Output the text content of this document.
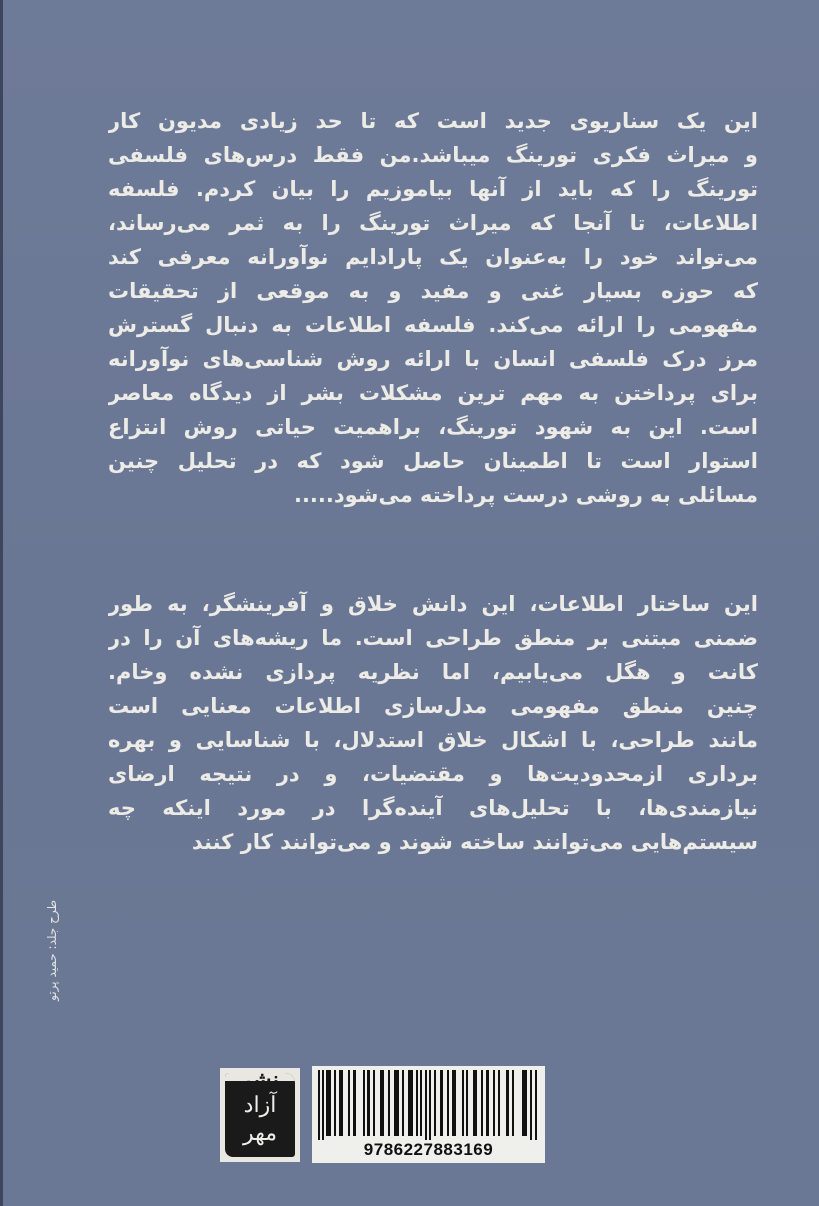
این یک سناریوی جدید است که تا حد زیادی مدیون کار
و میراث فکری تورینگ میباشد.من فقط درس‌های فلسفی
تورینگ را که باید از آنها بیاموزیم را بیان کردم. فلسفه
اطلاعات، تا آنجا که میراث تورینگ را به ثمر می‌رساند،
می‌تواند خود را به‌عنوان یک پارادایم نوآورانه معرفی کند
که حوزه بسیار غنی و مفید و به موقعی از تحقیقات
مفهومی را ارائه می‌کند. فلسفه اطلاعات به دنبال گسترش
مرز درک فلسفی انسان با ارائه روش شناسی‌های نوآورانه
برای پرداختن به مهم ترین مشکلات بشر از دیدگاه معاصر
است. این به شهود تورینگ، براهمیت حیاتی روش انتزاع
استوار است تا اطمینان حاصل شود که در تحلیل چنین
مسائلی به روشی درست پرداخته می‌شود.....
این ساختار اطلاعات، این دانش خلاق و آفرینشگر، به طور
ضمنی مبتنی بر منطق طراحی است. ما ریشه‌های آن را در
کانت و هگل می‌یابیم، اما نظریه پردازی نشده وخام.
چنین منطق مفهومی مدل‌سازی اطلاعات معنایی است
مانند طراحی، با اشکال خلاق استدلال، با شناسایی و بهره
برداری ازمحدودیت‌ها و مقتضیات، و در نتیجه ارضای
نیازمندی‌ها، با تحلیل‌های آینده‌گرا در مورد اینکه چه
سیستم‌هایی می‌توانند ساخته شوند و می‌توانند کار کنند
طرح جلد: حمید پرتو
نشر
آزاد
مهر
9786227883169
